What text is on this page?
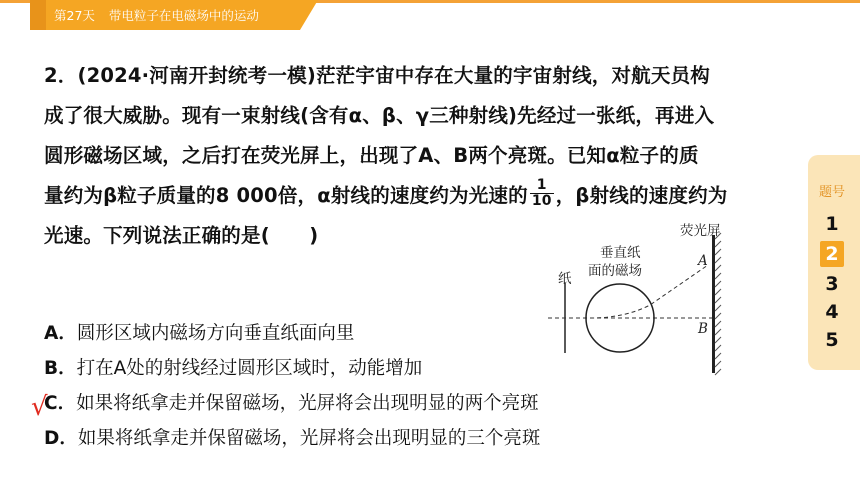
第27天 带电粒子在电磁场中的运动
2．(2024·河南开封统考一模)茫茫宇宙中存在大量的宇宙射线，对航天员构
成了很大威胁。现有一束射线(含有α、β、γ三种射线)先经过一张纸，再进入
圆形磁场区域，之后打在荧光屏上，出现了A、B两个亮斑。已知α粒子的质
量约为β粒子质量的8 000倍，α射线的速度约为光速的 $\frac{1}{10}$ ，β射线的速度约为
光速。下列说法正确的是(　　)
A．圆形区域内磁场方向垂直纸面向里
B．打在A处的射线经过圆形区域时，动能增加
C．如果将纸拿走并保留磁场，光屏将会出现明显的两个亮斑
D．如果将纸拿走并保留磁场，光屏将会出现明显的三个亮斑
√
纸
垂直纸
面的磁场
荧光屏
A
B
题号
1
2
3
4
5
